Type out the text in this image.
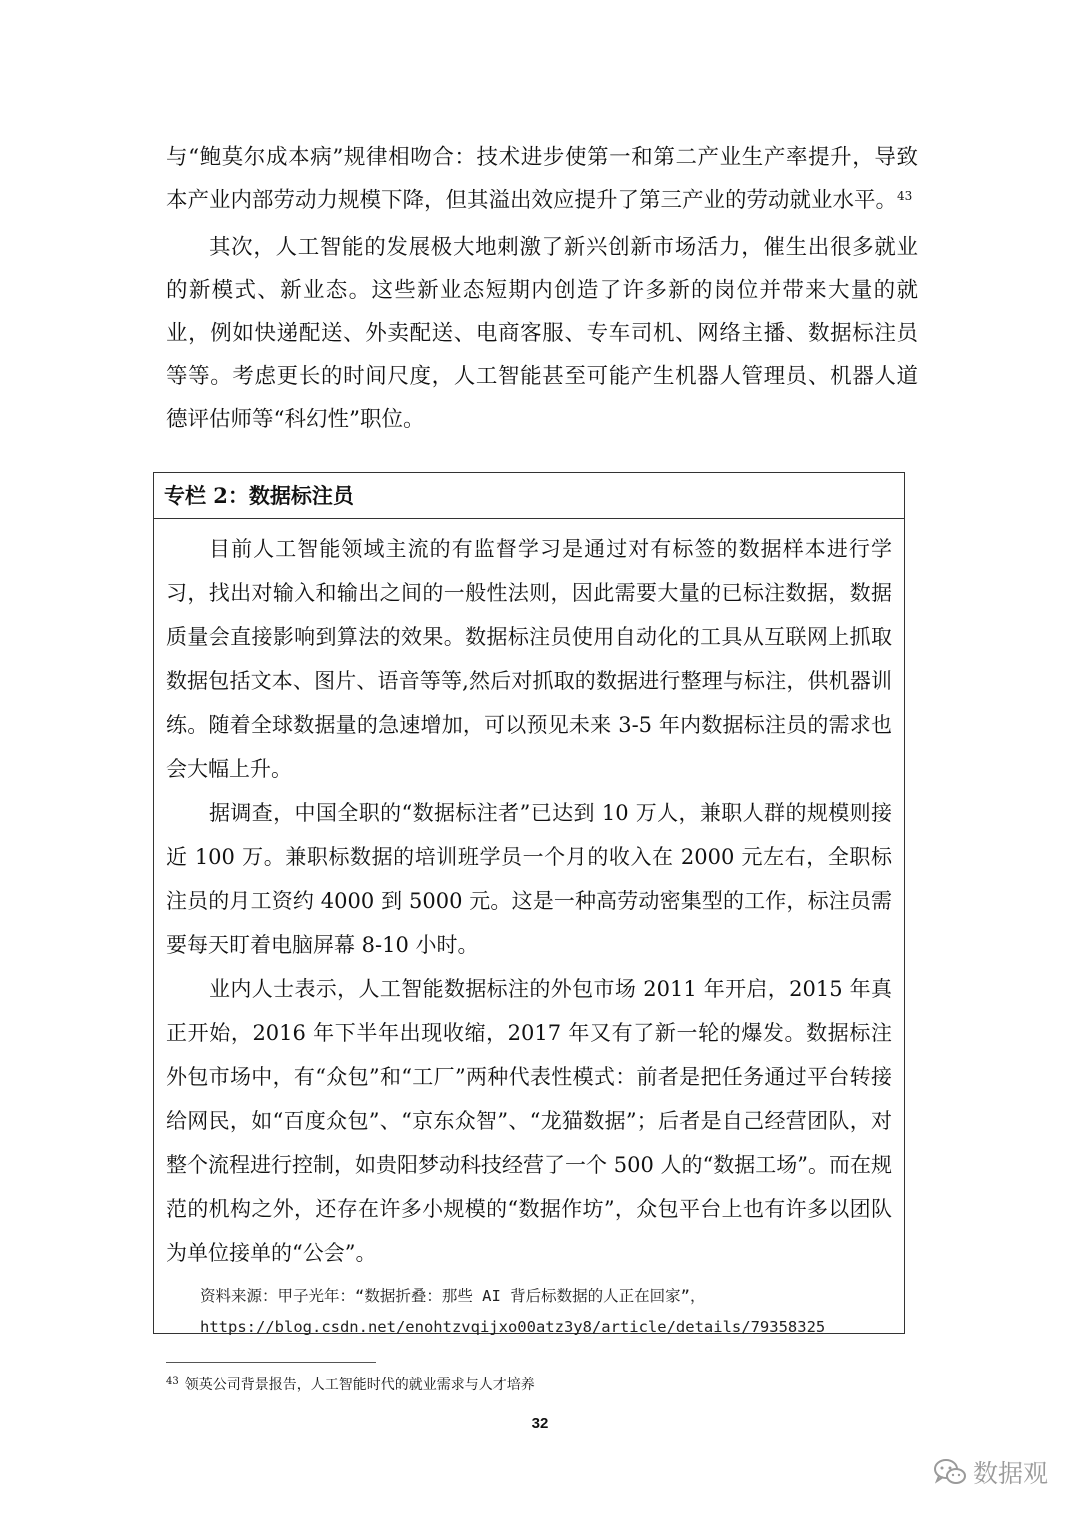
与“鲍莫尔成本病”规律相吻合：技术进步使第一和第二产业生产率提升，导致本产业内部劳动力规模下降，但其溢出效应提升了第三产业的劳动就业水平。$^{43}$

其次，人工智能的发展极大地刺激了新兴创新市场活力，催生出很多就业的新模式、新业态。这些新业态短期内创造了许多新的岗位并带来大量的就业，例如快递配送、外卖配送、电商客服、专车司机、网络主播、数据标注员等等。考虑更长的时间尺度，人工智能甚至可能产生机器人管理员、机器人道德评估师等“科幻性”职位。

专栏 2：数据标注员

目前人工智能领域主流的有监督学习是通过对有标签的数据样本进行学习，找出对输入和输出之间的一般性法则，因此需要大量的已标注数据，数据质量会直接影响到算法的效果。数据标注员使用自动化的工具从互联网上抓取数据包括文本、图片、语音等等,然后对抓取的数据进行整理与标注，供机器训练。随着全球数据量的急速增加，可以预见未来 3-5 年内数据标注员的需求也会大幅上升。

据调查，中国全职的“数据标注者”已达到 10 万人，兼职人群的规模则接近 100 万。兼职标数据的培训班学员一个月的收入在 2000 元左右，全职标注员的月工资约 4000 到 5000 元。这是一种高劳动密集型的工作，标注员需要每天盯着电脑屏幕 8-10 小时。

业内人士表示，人工智能数据标注的外包市场 2011 年开启，2015 年真正开始，2016 年下半年出现收缩，2017 年又有了新一轮的爆发。数据标注外包市场中，有“众包”和“工厂”两种代表性模式：前者是把任务通过平台转接给网民，如“百度众包”、“京东众智”、“龙猫数据”；后者是自己经营团队，对整个流程进行控制，如贵阳梦动科技经营了一个 500 人的“数据工场”。而在规范的机构之外，还存在许多小规模的“数据作坊”，众包平台上也有许多以团队为单位接单的“公会”。

资料来源：甲子光年：“数据折叠：那些 AI 背后标数据的人正在回家”，
https://blog.csdn.net/enohtzvqijxo00atz3y8/article/details/79358325
$^{43}$ 领英公司背景报告，人工智能时代的就业需求与人才培养
32
数据观
